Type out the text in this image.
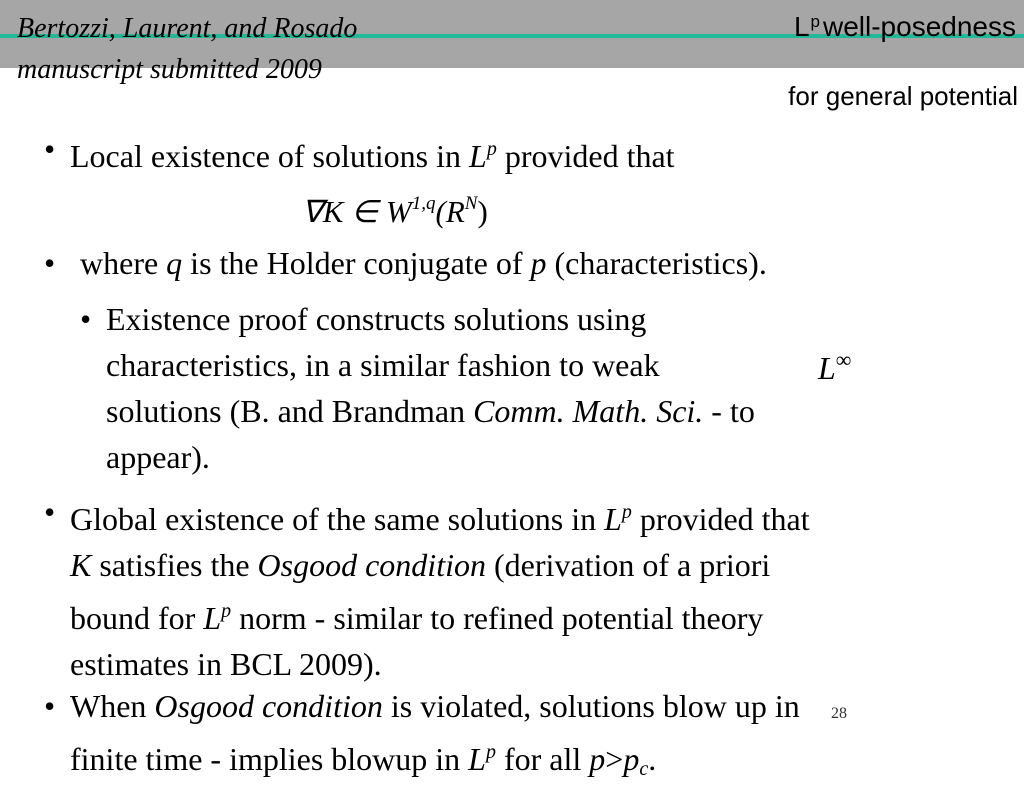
Bertozzi, Laurent, and Rosado
manuscript submitted 2009
$L^p$ well-posedness
for general potential
• Local existence of solutions in $L^p$ provided that
∇K ∈ $W^{1,q}(R^N)$
• where q is the Holder conjugate of p (characteristics).
• Existence proof constructs solutions using
characteristics, in a similar fashion to weak
solutions (B. and Brandman Comm. Math. Sci. - to
appear).
L∞
• Global existence of the same solutions in $L^p$ provided that
K satisfies the Osgood condition (derivation of a priori
bound for $L^p$ norm - similar to refined potential theory
estimates in BCL 2009).
• When Osgood condition is violated, solutions blow up in
finite time - implies blowup in $L^p$ for all $p>p_c$.
28
